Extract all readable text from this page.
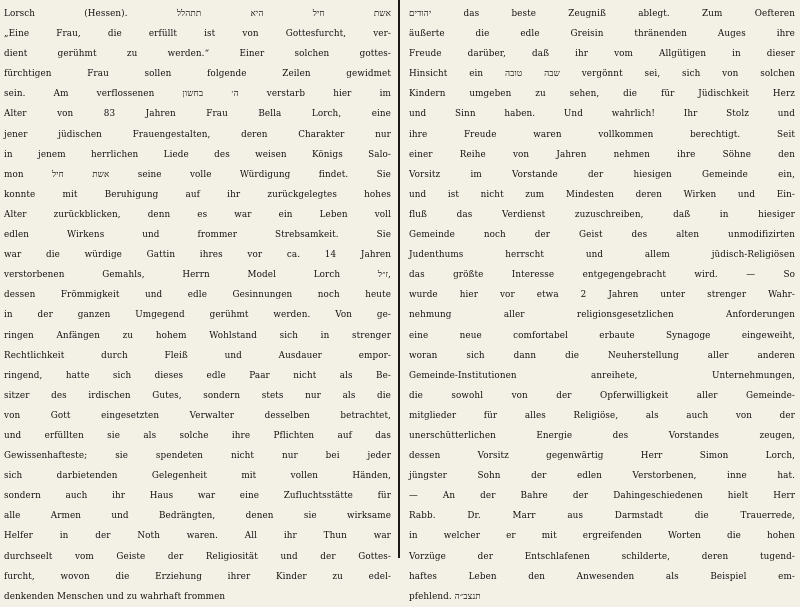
Lorsch (Hessen). אשת חיל היא תתהלל
„Eine Frau, die erfüllt ist von Gottesfurcht, ver-
dient gerühmt zu werden.“ Einer solchen gottes-
fürchtigen Frau sollen folgende Zeilen gewidmet
sein. Am verflossenen ה׳ בחשון verstarb hier im
Alter von 83 Jahren Frau Bella Lorch, eine
jener jüdischen Frauengestalten, deren Charakter nur
in jenem herrlichen Liede des weisen Königs Salo-
mon אשת חיל seine volle Würdigung findet. Sie
konnte mit Beruhigung auf ihr zurückgelegtes hohes
Alter zurückblicken, denn es war ein Leben voll
edlen Wirkens und frommer Strebsamkeit. Sie
war die würdige Gattin ihres vor ca. 14 Jahren
verstorbenen Gemahls, Herrn Model Lorch ז״ל,
dessen Frömmigkeit und edle Gesinnungen noch heute
in der ganzen Umgegend gerühmt werden. Von ge-
ringen Anfängen zu hohem Wohlstand sich in strenger
Rechtlichkeit durch Fleiß und Ausdauer empor-
ringend, hatte sich dieses edle Paar nicht als Be-
sitzer des irdischen Gutes, sondern stets nur als die
von Gott eingesetzten Verwalter desselben betrachtet,
und erfüllten sie als solche ihre Pflichten auf das
Gewissenhafteste; sie spendeten nicht nur bei jeder
sich darbietenden Gelegenheit mit vollen Händen,
sondern auch ihr Haus war eine Zufluchtsstätte für
alle Armen und Bedrängten, denen sie wirksame
Helfer in der Noth waren. All ihr Thun war
durchseelt vom Geiste der Religiosität und der Gottes-
furcht, wovon die Erziehung ihrer Kinder zu edel-
denkenden Menschen und zu wahrhaft frommen
יהודים das beste Zeugniß ablegt. Zum Oefteren
äußerte die edle Greisin thränenden Auges ihre
Freude darüber, daß ihr vom Allgütigen in dieser
Hinsicht ein שבה טובה vergönnt sei, sich von solchen
Kindern umgeben zu sehen, die für Jüdischkeit Herz
und Sinn haben. Und wahrlich! Ihr Stolz und
ihre Freude waren vollkommen berechtigt. Seit
einer Reihe von Jahren nehmen ihre Söhne den
Vorsitz im Vorstande der hiesigen Gemeinde ein,
und ist nicht zum Mindesten deren Wirken und Ein-
fluß das Verdienst zuzuschreiben, daß in hiesiger
Gemeinde noch der Geist des alten unmodifizirten
Judenthums herrscht und allem jüdisch-Religiösen
das größte Interesse entgegengebracht wird. — So
wurde hier vor etwa 2 Jahren unter strenger Wahr-
nehmung aller religionsgesetzlichen Anforderungen
eine neue comfortabel erbaute Synagoge eingeweiht,
woran sich dann die Neuherstellung aller anderen
Gemeinde-Institutionen anreihete, Unternehmungen,
die sowohl von der Opferwilligkeit aller Gemeinde-
mitglieder für alles Religiöse, als auch von der
unerschütterlichen Energie des Vorstandes zeugen,
dessen Vorsitz gegenwärtig Herr Simon Lorch,
jüngster Sohn der edlen Verstorbenen, inne hat.
— An der Bahre der Dahingeschiedenen hielt Herr
Rabb. Dr. Marr aus Darmstadt die Trauerrede,
in welcher er mit ergreifenden Worten die hohen
Vorzüge der Entschlafenen schilderte, deren tugend-
haftes Leben den Anwesenden als Beispiel em-
pfehlend. תנצב״ה
